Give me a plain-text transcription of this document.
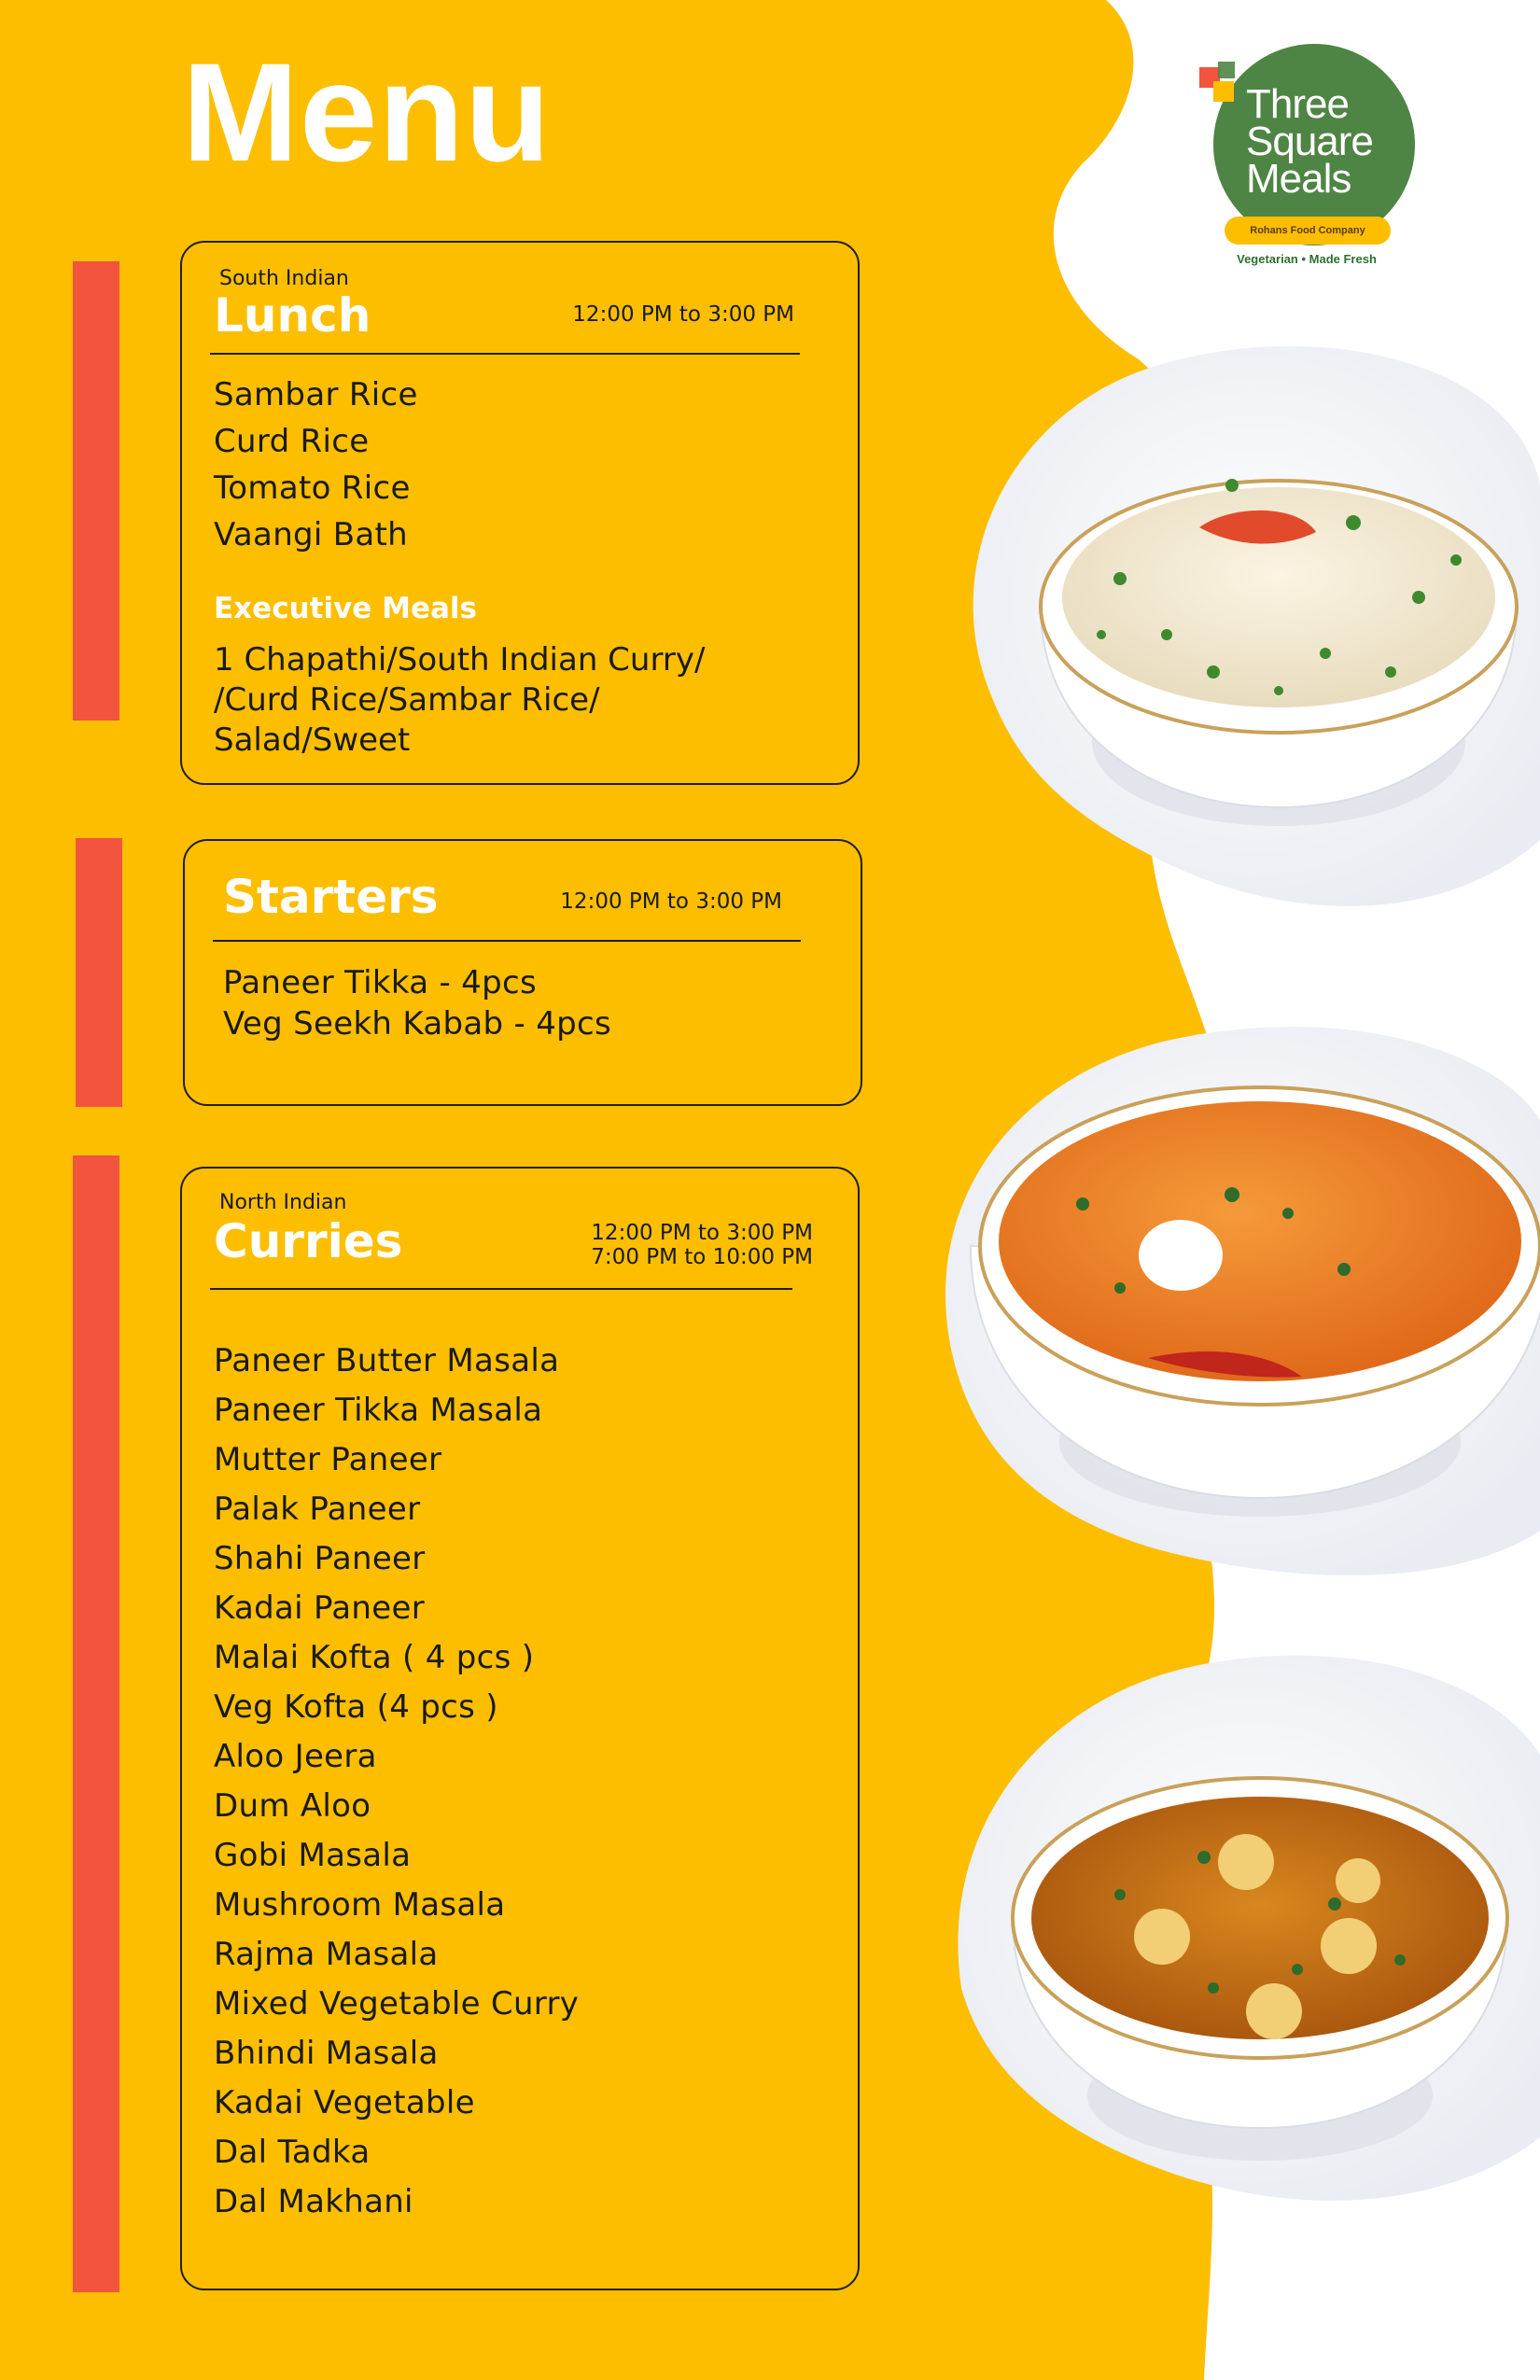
Menu	Three
Square
Meals
Rohans Food Company
Vegetarian • Made Fresh
South Indian
Lunch	12:00 PM to 3:00 PM
Sambar Rice
Curd Rice
Tomato Rice
Vaangi Bath
Executive Meals
1 Chapathi/South Indian Curry/
/Curd Rice/Sambar Rice/
Salad/Sweet
Starters	12:00 PM to 3:00 PM
Paneer Tikka - 4pcs
Veg Seekh Kabab - 4pcs
North Indian
Curries	12:00 PM to 3:00 PM
7:00 PM to 10:00 PM
Paneer Butter Masala
Paneer Tikka Masala
Mutter Paneer
Palak Paneer
Shahi Paneer
Kadai Paneer
Malai Kofta ( 4 pcs )
Veg Kofta (4 pcs )
Aloo Jeera
Dum Aloo
Gobi Masala
Mushroom Masala
Rajma Masala
Mixed Vegetable Curry
Bhindi Masala
Kadai Vegetable
Dal Tadka
Dal Makhani
